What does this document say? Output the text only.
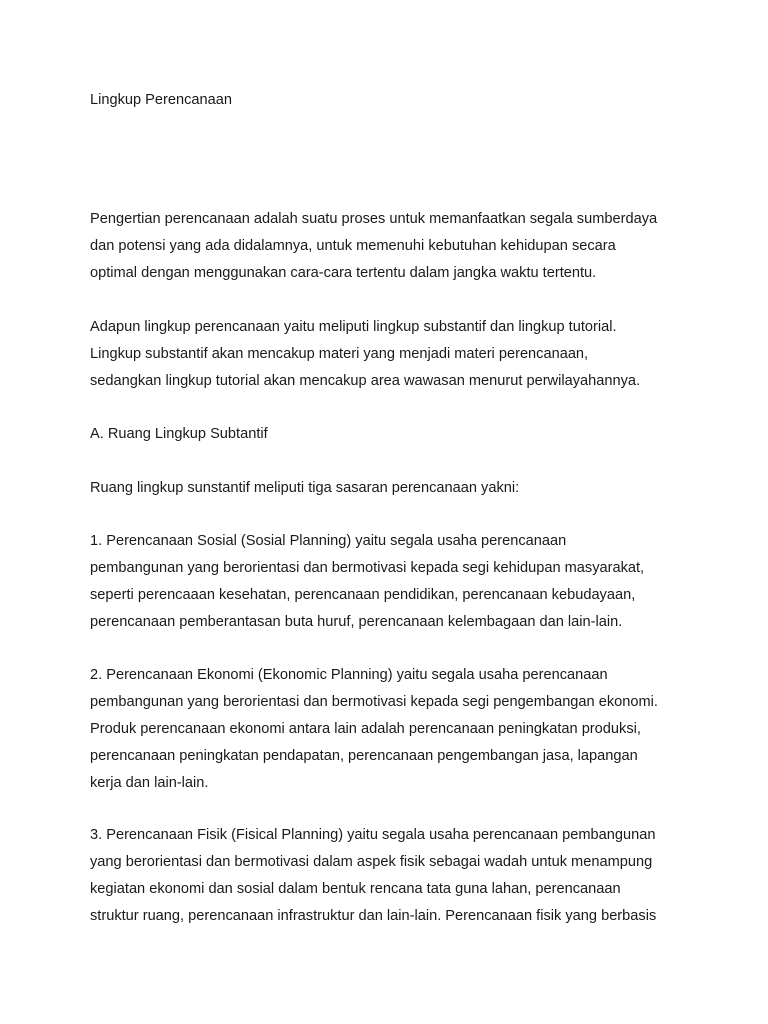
Lingkup Perencanaan

Pengertian perencanaan adalah suatu proses untuk memanfaatkan segala sumberdaya
dan potensi yang ada didalamnya, untuk memenuhi kebutuhan kehidupan secara
optimal dengan menggunakan cara-cara tertentu dalam jangka waktu tertentu.

Adapun lingkup perencanaan yaitu meliputi lingkup substantif dan lingkup tutorial.
Lingkup substantif akan mencakup materi yang menjadi materi perencanaan,
sedangkan lingkup tutorial akan mencakup area wawasan menurut perwilayahannya.

A. Ruang Lingkup Subtantif

Ruang lingkup sunstantif meliputi tiga sasaran perencanaan yakni:

1. Perencanaan Sosial (Sosial Planning) yaitu segala usaha perencanaan
pembangunan yang berorientasi dan bermotivasi kepada segi kehidupan masyarakat,
seperti perencaaan kesehatan, perencanaan pendidikan, perencanaan kebudayaan,
perencanaan pemberantasan buta huruf, perencanaan kelembagaan dan lain-lain.

2. Perencanaan Ekonomi (Ekonomic Planning) yaitu segala usaha perencanaan
pembangunan yang berorientasi dan bermotivasi kepada segi pengembangan ekonomi.
Produk perencanaan ekonomi antara lain adalah perencanaan peningkatan produksi,
perencanaan peningkatan pendapatan, perencanaan pengembangan jasa, lapangan
kerja dan lain-lain.

3. Perencanaan Fisik (Fisical Planning) yaitu segala usaha perencanaan pembangunan
yang berorientasi dan bermotivasi dalam aspek fisik sebagai wadah untuk menampung
kegiatan ekonomi dan sosial dalam bentuk rencana tata guna lahan, perencanaan
struktur ruang, perencanaan infrastruktur dan lain-lain. Perencanaan fisik yang berbasis
